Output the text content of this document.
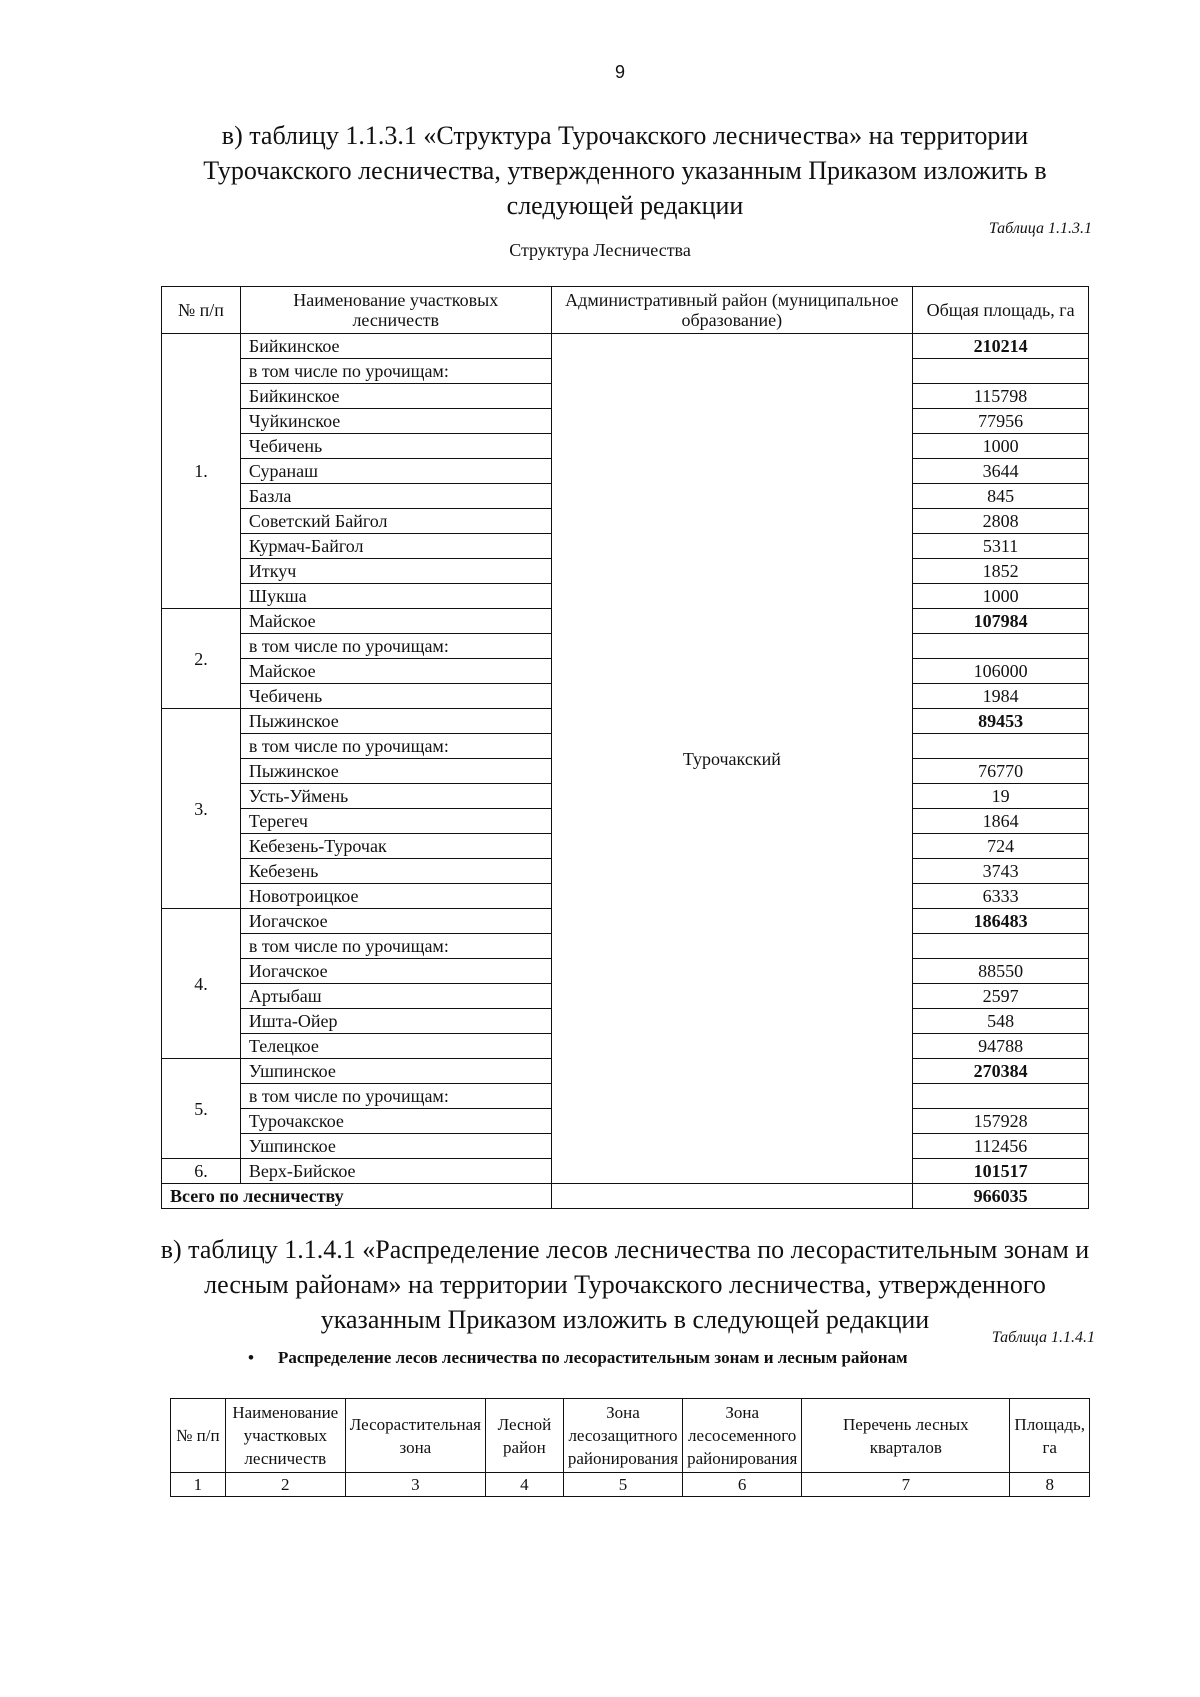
9
в) таблицу 1.1.3.1 «Структура Турочакского лесничества» на территории Турочакского лесничества, утвержденного указанным Приказом изложить в следующей редакции
Таблица 1.1.3.1
Структура Лесничества
№ п/п	Наименование участковых лесничеств	Административный район (муниципальное образование)	Общая площадь, га
1.	Бийкинское	Турочакский	210214
	в том числе по урочищам:		
	Бийкинское		115798
	Чуйкинское		77956
	Чебичень		1000
	Суранаш		3644
	Базла		845
	Советский Байгол		2808
	Курмач-Байгол		5311
	Иткуч		1852
	Шукша		1000
2.	Майское		107984
	в том числе по урочищам:		
	Майское		106000
	Чебичень		1984
3.	Пыжинское		89453
	в том числе по урочищам:		
	Пыжинское		76770
	Усть-Уймень		19
	Терегеч		1864
	Кебезень-Турочак		724
	Кебезень		3743
	Новотроицкое		6333
4.	Иогачское		186483
	в том числе по урочищам:		
	Иогачское		88550
	Артыбаш		2597
	Ишта-Ойер		548
	Телецкое		94788
5.	Ушпинское		270384
	в том числе по урочищам:		
	Турочакское		157928
	Ушпинское		112456
6.	Верх-Бийское		101517
Всего по лесничеству			966035
в) таблицу 1.1.4.1 «Распределение лесов лесничества по лесорастительным зонам и лесным районам» на территории Турочакского лесничества, утвержденного указанным Приказом изложить в следующей редакции
Таблица 1.1.4.1
• Распределение лесов лесничества по лесорастительным зонам и лесным районам
№ п/п	Наименование участковых лесничеств	Лесорастительная зона	Лесной район	Зона лесозащитного районирования	Зона лесосеменного районирования	Перечень лесных кварталов	Площадь, га
1	2	3	4	5	6	7	8
